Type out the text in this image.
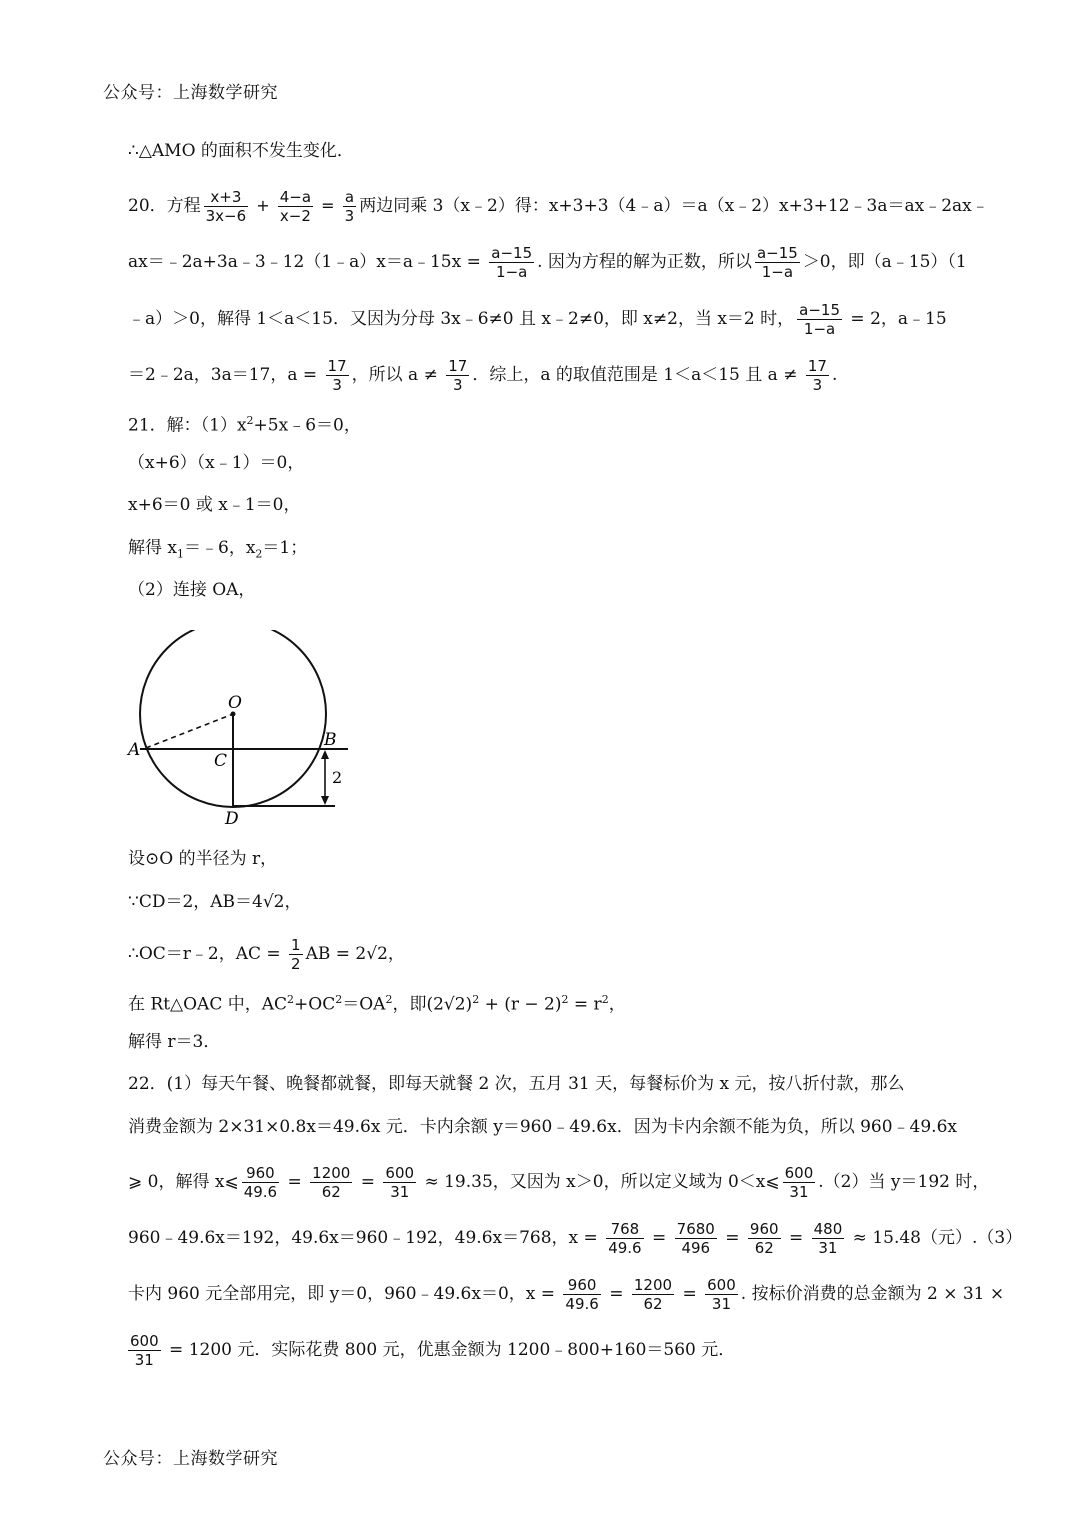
公众号：上海数学研究
∴△AMO 的面积不发生变化．
20．方程 $\frac{x+3}{3x-6} + \frac{4-a}{x-2} = \frac{a}{3}$ 两边同乘 3（x﹣2）得：x+3+3（4﹣a）＝a（x﹣2）x+3+12﹣3a＝ax﹣2ax﹣
ax＝﹣2a+3a﹣3﹣12（1﹣a）x＝a﹣15x = $\frac{a-15}{1-a}$ . 因为方程的解为正数，所以 $\frac{a-15}{1-a} >0$，即（a﹣15）（1
﹣a）＞0，解得 1＜a＜15．又因为分母 3x﹣6≠0 且 x﹣2≠0，即 x≠2，当 x＝2 时， $\frac{a-15}{1-a} = 2$，a﹣15
＝2﹣2a，3a＝17，$a = \frac{17}{3}$ ，所以 $a \ne \frac{17}{3}$ ．综上，a 的取值范围是 1＜a＜15 且 $a \ne \frac{17}{3}$ .
21．解：$(1)x^2+5x﹣6=0$，
（x+6）（x﹣1）＝0，
x+6＝0 或 x﹣1＝0，
解得 $x_1=﹣6$，$x_2=1$；
（2）连接 OA，
O
A	B
C
D
2
设⊙O 的半径为 r，
∵CD＝2，AB＝4√2，
∴OC＝r﹣2，AC = $\frac{1}{2}$ AB = 2√2，
在 Rt△OAC 中，$AC^2+OC^2=OA^2$，即$(2√2)^2 + (r - 2)^2 = r^2$，
解得 r＝3．
22．(1）每天午餐、晚餐都就餐，即每天就餐 2 次，五月 31 天，每餐标价为 x 元，按八折付款，那么
消费金额为 2×31×0.8x＝49.6x 元．卡内余额 y＝960﹣49.6x．因为卡内余额不能为负，所以 960﹣49.6x
⩾ 0，解得 x⩽ $\frac{960}{49.6} = \frac{1200}{62} = \frac{600}{31} \approx 19.35$，又因为 x＞0，所以定义域为 0＜x⩽ $\frac{600}{31} .(2)$当 y＝192 时，
960﹣49.6x＝192，49.6x＝960﹣192，49.6x＝768，$x = \frac{768}{49.6} = \frac{7680}{496} = \frac{960}{62} = \frac{480}{31} \approx 15.48$（元）.（3）
卡内 960 元全部用完，即 y＝0，960﹣49.6x＝0，$x = \frac{960}{49.6} = \frac{1200}{62} = \frac{600}{31}$ . 按标价消费的总金额为 2 × 31 ×
$\frac{600}{31} = 1200$ 元．实际花费 800 元，优惠金额为 1200﹣800+160＝560 元．
公众号：上海数学研究
